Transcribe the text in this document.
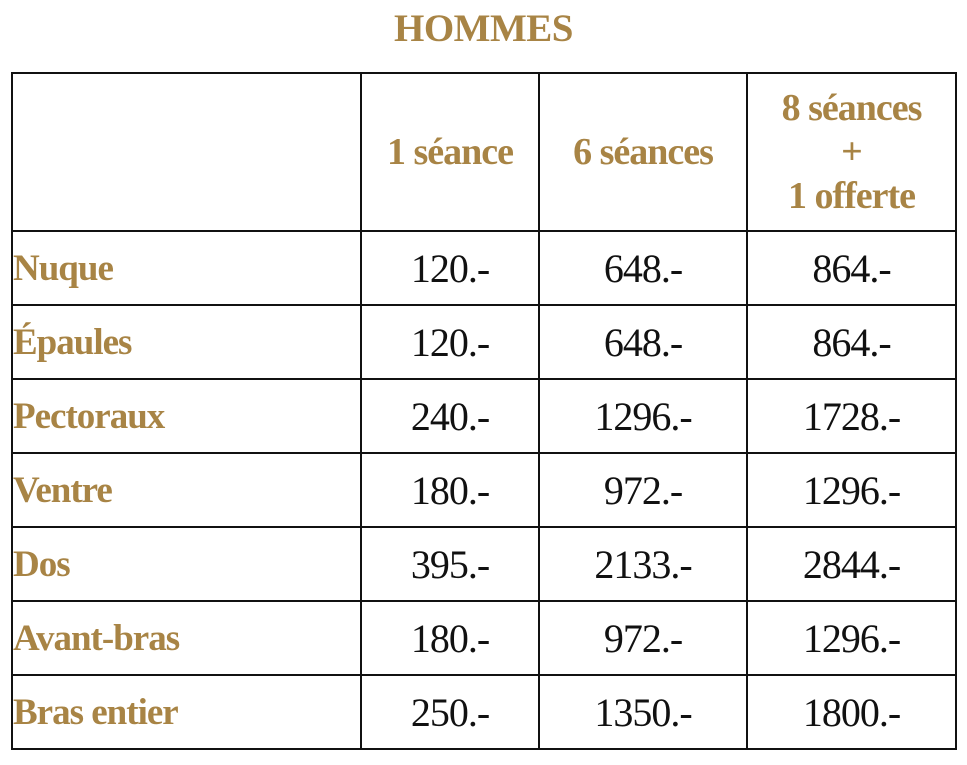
HOMMES
	1 séance	6 séances	8 séances
+
1 offerte

Nuque	120.-	648.-	864.-
Épaules	120.-	648.-	864.-
Pectoraux	240.-	1296.-	1728.-
Ventre	180.-	972.-	1296.-
Dos	395.-	2133.-	2844.-
Avant-bras	180.-	972.-	1296.-
Bras entier	250.-	1350.-	1800.-
